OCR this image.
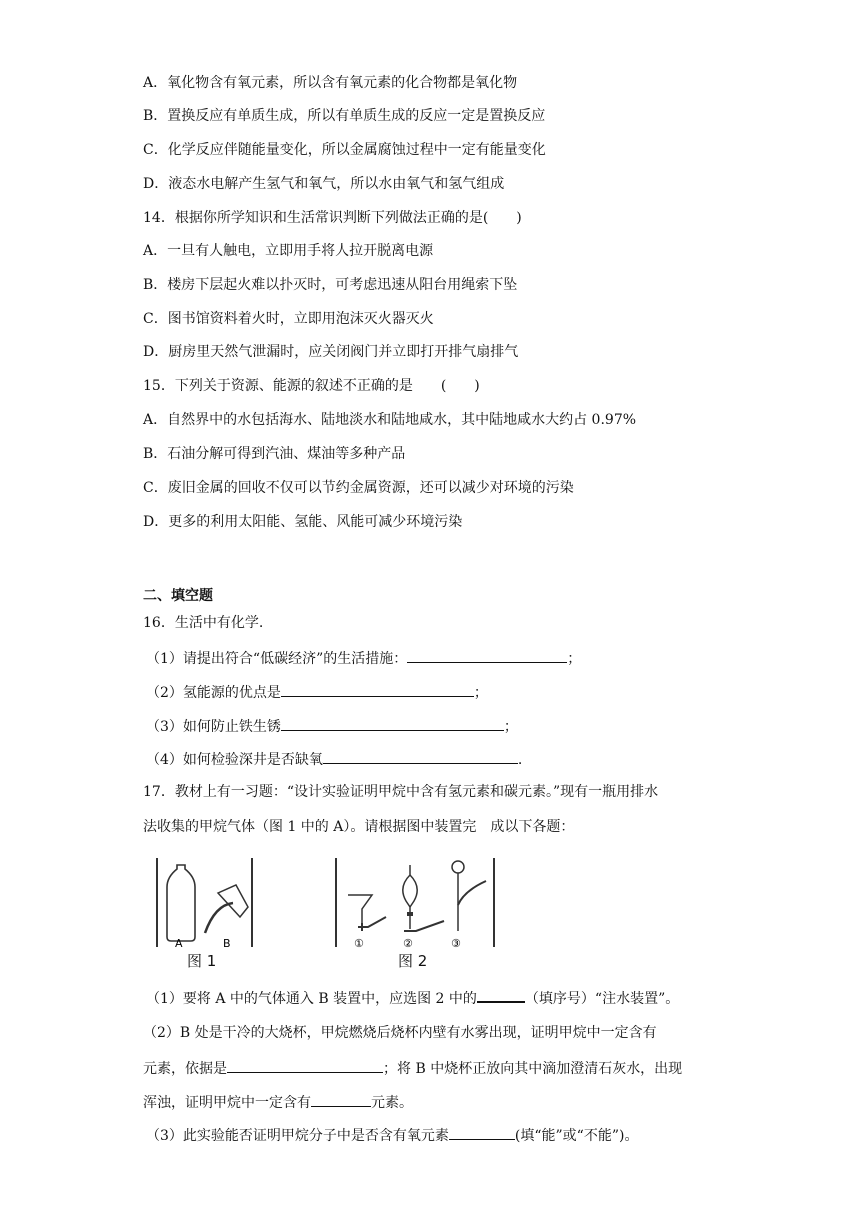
A．氧化物含有氧元素，所以含有氧元素的化合物都是氧化物
B．置换反应有单质生成，所以有单质生成的反应一定是置换反应
C．化学反应伴随能量变化，所以金属腐蚀过程中一定有能量变化
D．液态水电解产生氢气和氧气，所以水由氧气和氢气组成
14．根据你所学知识和生活常识判断下列做法正确的是(　　)
A．一旦有人触电，立即用手将人拉开脱离电源
B．楼房下层起火难以扑灭时，可考虑迅速从阳台用绳索下坠
C．图书馆资料着火时，立即用泡沫灭火器灭火
D．厨房里天然气泄漏时，应关闭阀门并立即打开排气扇排气
15．下列关于资源、能源的叙述不正确的是　　(　　)
A．自然界中的水包括海水、陆地淡水和陆地咸水，其中陆地咸水大约占 0.97%
B．石油分解可得到汽油、煤油等多种产品
C．废旧金属的回收不仅可以节约金属资源，还可以减少对环境的污染
D．更多的利用太阳能、氢能、风能可减少环境污染
二、填空题
16．生活中有化学.
（1）请提出符合“低碳经济”的生活措施：	；
（2）氢能源的优点是	；
（3）如何防止铁生锈	；
（4）如何检验深井是否缺氧	.
17．教材上有一习题：“设计实验证明甲烷中含有氢元素和碳元素。”现有一瓶用排水
法收集的甲烷气体（图 1 中的 A）。请根据图中装置完　成以下各题：
A	B
图 1
①	②	③
图 2
（1）要将 A 中的气体通入 B 装置中，应选图 2 中的	（填序号）“注水装置”。
（2）B 处是干冷的大烧杯，甲烷燃烧后烧杯内壁有水雾出现，证明甲烷中一定含有
元素，依据是	；将 B 中烧杯正放向其中滴加澄清石灰水，出现
浑浊，证明甲烷中一定含有	元素。
（3）此实验能否证明甲烷分子中是否含有氧元素	(填“能”或“不能”)。
